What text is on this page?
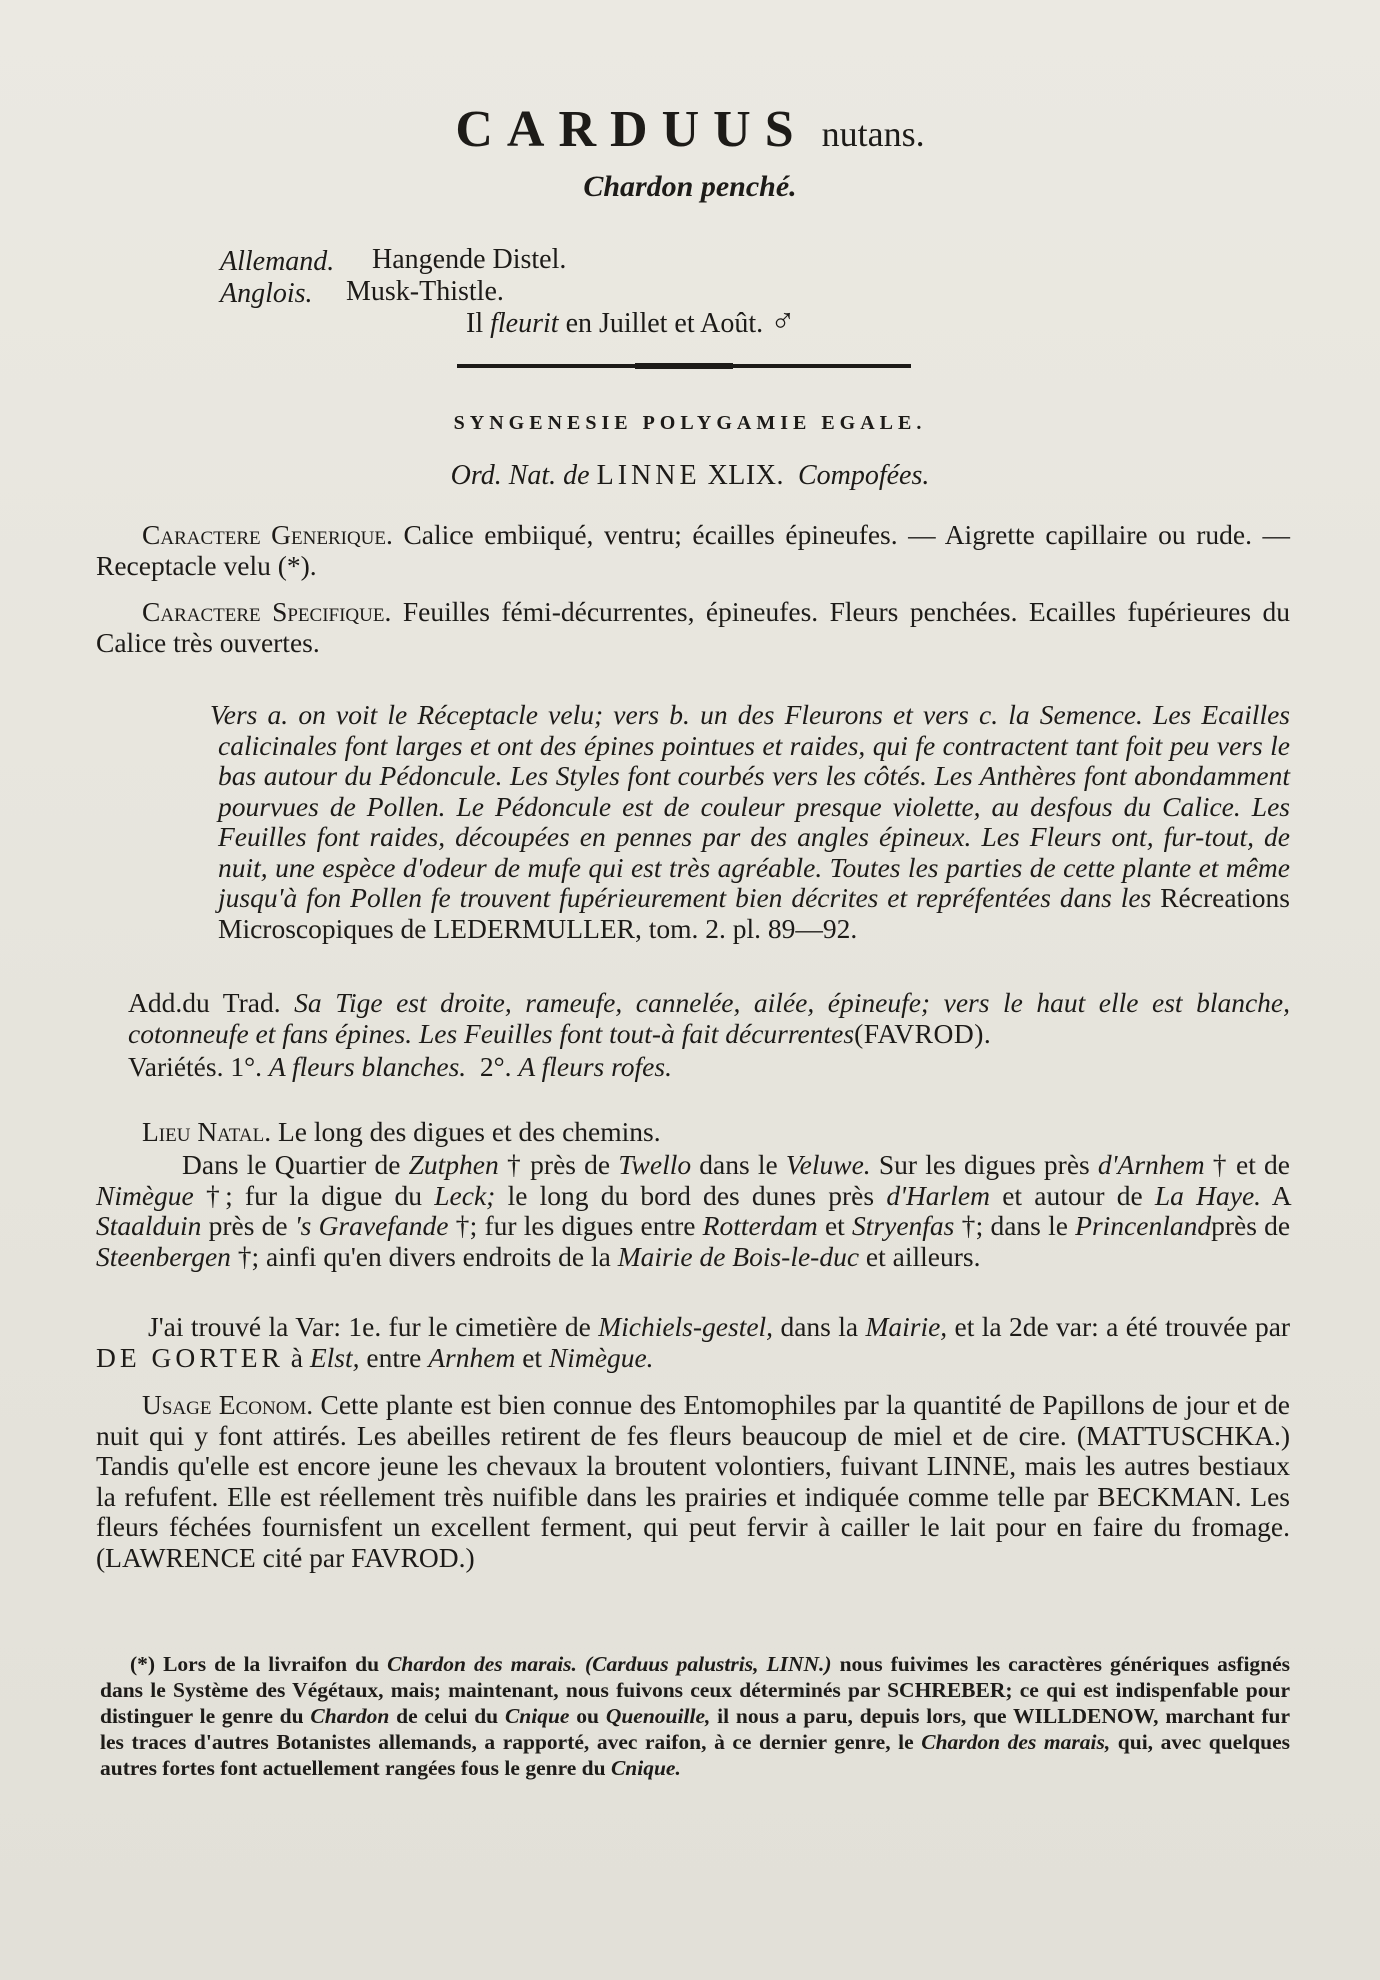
CARDUUS nutans.
Chardon penché.
Allemand. Hangende Distel.
Anglois. Musk-Thistle.
Il fleurit en Juillet et Août. ♂
SYNGENESIE POLYGAMIE EGALE.
Ord. Nat. de LINNE XLIX. Compofées.
Caractere Generique. Calice embiiqué, ventru; écailles épineufes. — Aigrette capillaire ou rude. — Receptacle velu (*).
Caractere Specifique. Feuilles fémi-décurrentes, épineufes. Fleurs penchées. Ecailles fupérieures du Calice très ouvertes.
Vers a. on voit le Réceptacle velu; vers b. un des Fleurons et vers c. la Semence. Les Ecailles calicinales font larges et ont des épines pointues et raides, qui fe contractent tant foit peu vers le bas autour du Pédoncule. Les Styles font courbés vers les côtés. Les Anthères font abondamment pourvues de Pollen. Le Pédoncule est de couleur presque violette, au desfous du Calice. Les Feuilles font raides, découpées en pennes par des angles épineux. Les Fleurs ont, fur-tout, de nuit, une espèce d'odeur de mufe qui est très agréable. Toutes les parties de cette plante et même jusqu'à fon Pollen fe trouvent fupérieurement bien décrites et repréfentées dans les Récreations Microscopiques de LEDERMULLER, tom. 2. pl. 89—92.
Add.du Trad. Sa Tige est droite, rameufe, cannelée, ailée, épineufe; vers le haut elle est blanche, cotonneufe et fans épines. Les Feuilles font tout-à fait décurrentes(FAVROD).
Variétés. 1°. A fleurs blanches. 2°. A fleurs rofes.
Lieu Natal. Le long des digues et des chemins.
Dans le Quartier de Zutphen † près de Twello dans le Veluwe. Sur les digues près d'Arnhem † et de Nimègue †; fur la digue du Leck; le long du bord des dunes près d'Harlem et autour de La Haye. A Staalduin près de 's Gravefande †; fur les digues entre Rotterdam et Stryenfas †; dans le Princenlandprès de Steenbergen †; ainfi qu'en divers endroits de la Mairie de Bois-le-duc et ailleurs.
J'ai trouvé la Var: 1e. fur le cimetière de Michiels-gestel, dans la Mairie, et la 2de var: a été trouvée par DE GORTER à Elst, entre Arnhem et Nimègue.
Usage Econom. Cette plante est bien connue des Entomophiles par la quantité de Papillons de jour et de nuit qui y font attirés. Les abeilles retirent de fes fleurs beaucoup de miel et de cire. (MATTUSCHKA.) Tandis qu'elle est encore jeune les chevaux la broutent volontiers, fuivant LINNE, mais les autres bestiaux la refufent. Elle est réellement très nuifible dans les prairies et indiquée comme telle par BECKMAN. Les fleurs féchées fournisfent un excellent ferment, qui peut fervir à cailler le lait pour en faire du fromage. (LAWRENCE cité par FAVROD.)
(*) Lors de la livraifon du Chardon des marais. (Carduus palustris, LINN.) nous fuivimes les caractères génériques asfignés dans le Système des Végétaux, mais; maintenant, nous fuivons ceux déterminés par SCHREBER; ce qui est indispenfable pour distinguer le genre du Chardon de celui du Cnique ou Quenouille, il nous a paru, depuis lors, que WILLDENOW, marchant fur les traces d'autres Botanistes allemands, a rapporté, avec raifon, à ce dernier genre, le Chardon des marais, qui, avec quelques autres fortes font actuellement rangées fous le genre du Cnique.
